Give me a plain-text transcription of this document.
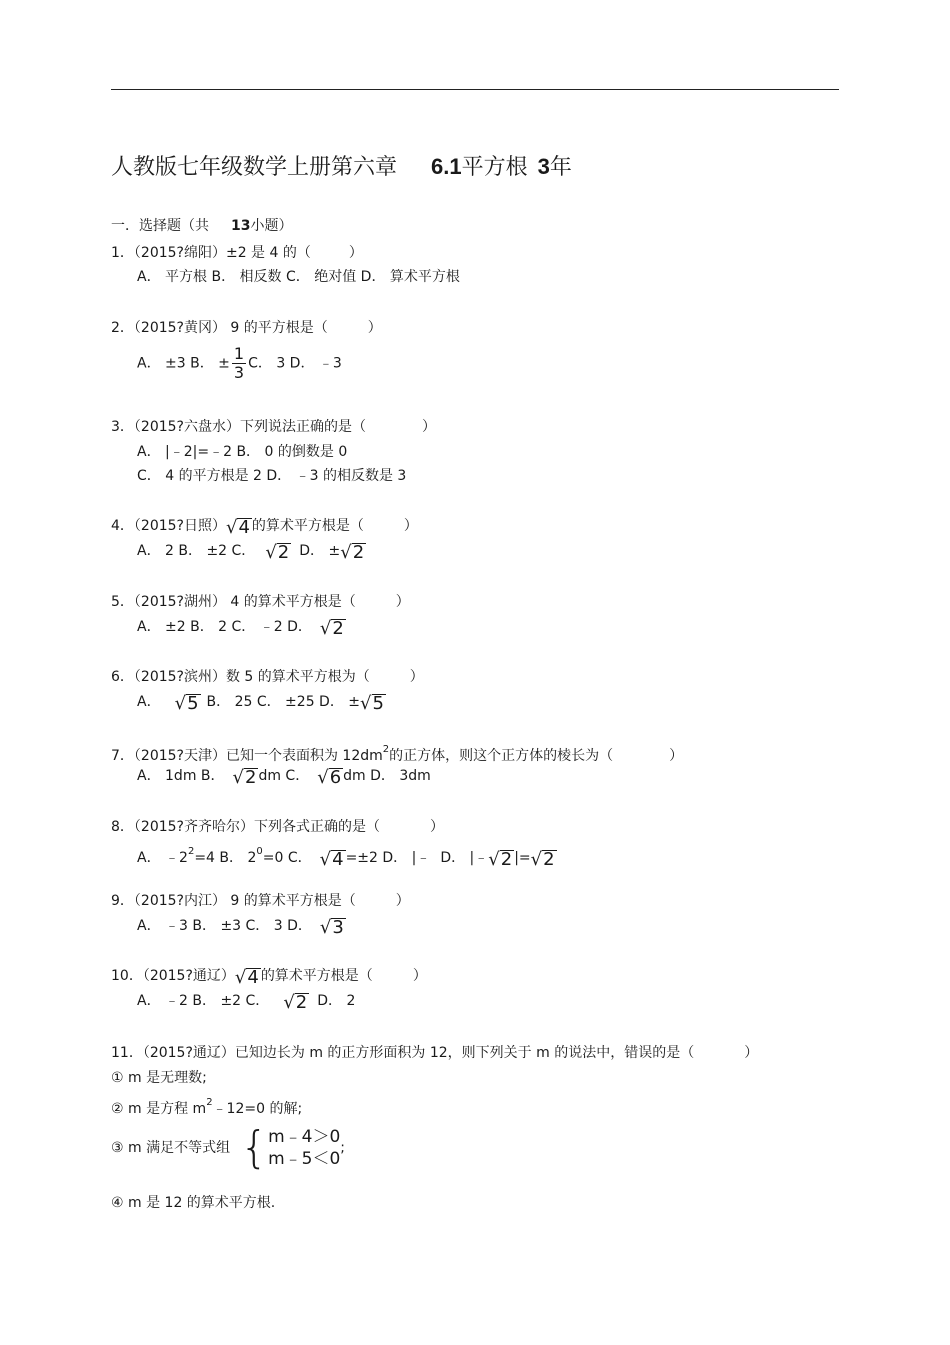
人教版七年级数学上册第六章 6.1平方根 3年
一．选择题（共 13小题）
1．（2015?绵阳）±2 是 4 的（	）
A． 平方根 B． 相反数 C． 绝对值 D． 算术平方根
2．（2015?黄冈） 9 的平方根是（	）
A． ±3 B． ± $\frac{1}{3}$ C． 3 D． ﹣3
3．（2015?六盘水）下列说法正确的是（	）
A． |﹣2|=﹣2 B． 0 的倒数是 0
C． 4 的平方根是 2 D． ﹣3 的相反数是 3
4．（2015?日照）√4 的算术平方根是（	）
A． 2 B． ±2 C． √2 D． ±√2
5．（2015?湖州） 4 的算术平方根是（	）
A． ±2 B． 2 C． ﹣2 D． √2
6．（2015?滨州）数 5 的算术平方根为（	）
A． √5 B． 25 C． ±25 D． ±√5
7．（2015?天津）已知一个表面积为 $12dm^2$的正方体，则这个正方体的棱长为（	）
A． 1dm B． √2 dm C． √6 dm D． 3dm
8．（2015?齐齐哈尔）下列各式正确的是（	）
A． $﹣2^2=4$ B． $2^0=0$ C． √4 =±2 D． |﹣ D． |﹣√2 |=√2
9．（2015?内江） 9 的算术平方根是（	）
A． ﹣3 B． ±3 C． 3 D． √3
10．（2015?通辽）√4 的算术平方根是（	）
A． ﹣2 B． ±2 C． √2 D． 2
11．（2015?通辽）已知边长为 m 的正方形面积为 12，则下列关于 m 的说法中，错误的是（	）
① m 是无理数;
② m 是方程 $m^2﹣12=0$ 的解;
③ m 满足不等式组 { m﹣4＞0
m﹣5＜0
;
④ m 是 12 的算术平方根.
